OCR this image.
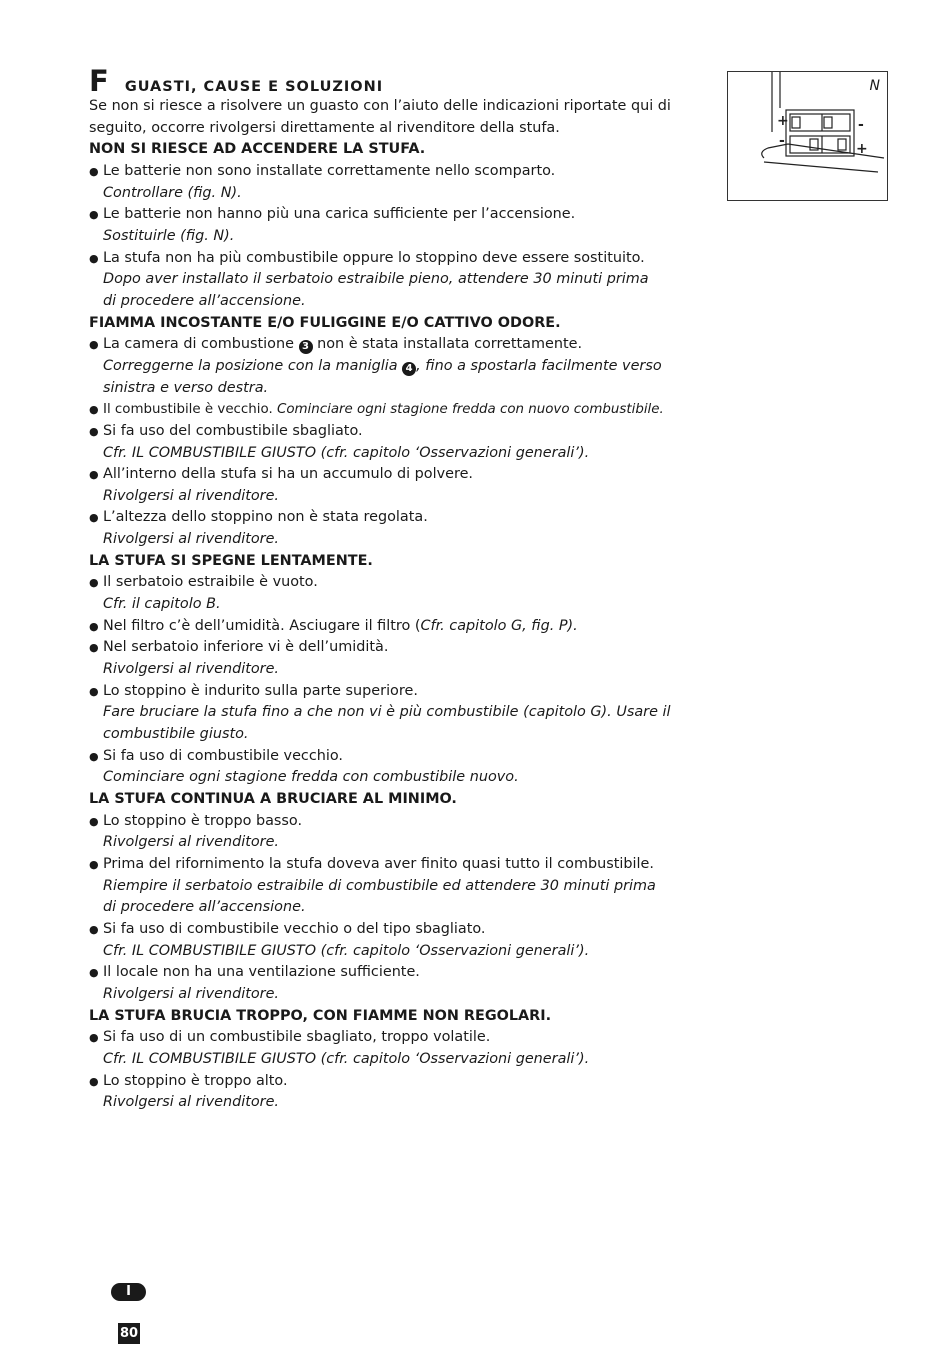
F GUASTI, CAUSE E SOLUZIONI
Se non si riesce a risolvere un guasto con l’aiuto delle indicazioni riportate qui di
seguito, occorre rivolgersi direttamente al rivenditore della stufa.
NON SI RIESCE AD ACCENDERE LA STUFA.
● Le batterie non sono installate correttamente nello scomparto.
Controllare (fig. N).
● Le batterie non hanno più una carica sufficiente per l’accensione.
Sostituirle (fig. N).
● La stufa non ha più combustibile oppure lo stoppino deve essere sostituito.
Dopo aver installato il serbatoio estraibile pieno, attendere 30 minuti prima
di procedere all’accensione.
FIAMMA INCOSTANTE E/O FULIGGINE E/O CATTIVO ODORE.
● La camera di combustione 3 non è stata installata correttamente.
Correggerne la posizione con la maniglia 4 , fino a spostarla facilmente verso
sinistra e verso destra.
● Il combustibile è vecchio. Cominciare ogni stagione fredda con nuovo combustibile.
● Si fa uso del combustibile sbagliato.
Cfr. IL COMBUSTIBILE GIUSTO (cfr. capitolo ‘Osservazioni generali’).
● All’interno della stufa si ha un accumulo di polvere.
Rivolgersi al rivenditore.
● L’altezza dello stoppino non è stata regolata.
Rivolgersi al rivenditore.
LA STUFA SI SPEGNE LENTAMENTE.
● Il serbatoio estraibile è vuoto.
Cfr. il capitolo B.
● Nel filtro c’è dell’umidità. Asciugare il filtro (Cfr. capitolo G, fig. P).
● Nel serbatoio inferiore vi è dell’umidità.
Rivolgersi al rivenditore.
● Lo stoppino è indurito sulla parte superiore.
Fare bruciare la stufa fino a che non vi è più combustibile (capitolo G). Usare il
combustibile giusto.
● Si fa uso di combustibile vecchio.
Cominciare ogni stagione fredda con combustibile nuovo.
LA STUFA CONTINUA A BRUCIARE AL MINIMO.
● Lo stoppino è troppo basso.
Rivolgersi al rivenditore.
● Prima del rifornimento la stufa doveva aver finito quasi tutto il combustibile.
Riempire il serbatoio estraibile di combustibile ed attendere 30 minuti prima
di procedere all’accensione.
● Si fa uso di combustibile vecchio o del tipo sbagliato.
Cfr. IL COMBUSTIBILE GIUSTO (cfr. capitolo ‘Osservazioni generali’).
● Il locale non ha una ventilazione sufficiente.
Rivolgersi al rivenditore.
LA STUFA BRUCIA TROPPO, CON FIAMME NON REGOLARI.
● Si fa uso di un combustibile sbagliato, troppo volatile.
Cfr. IL COMBUSTIBILE GIUSTO (cfr. capitolo ‘Osservazioni generali’).
● Lo stoppino è troppo alto.
Rivolgersi al rivenditore.
N
+	-
-	+
I
80
